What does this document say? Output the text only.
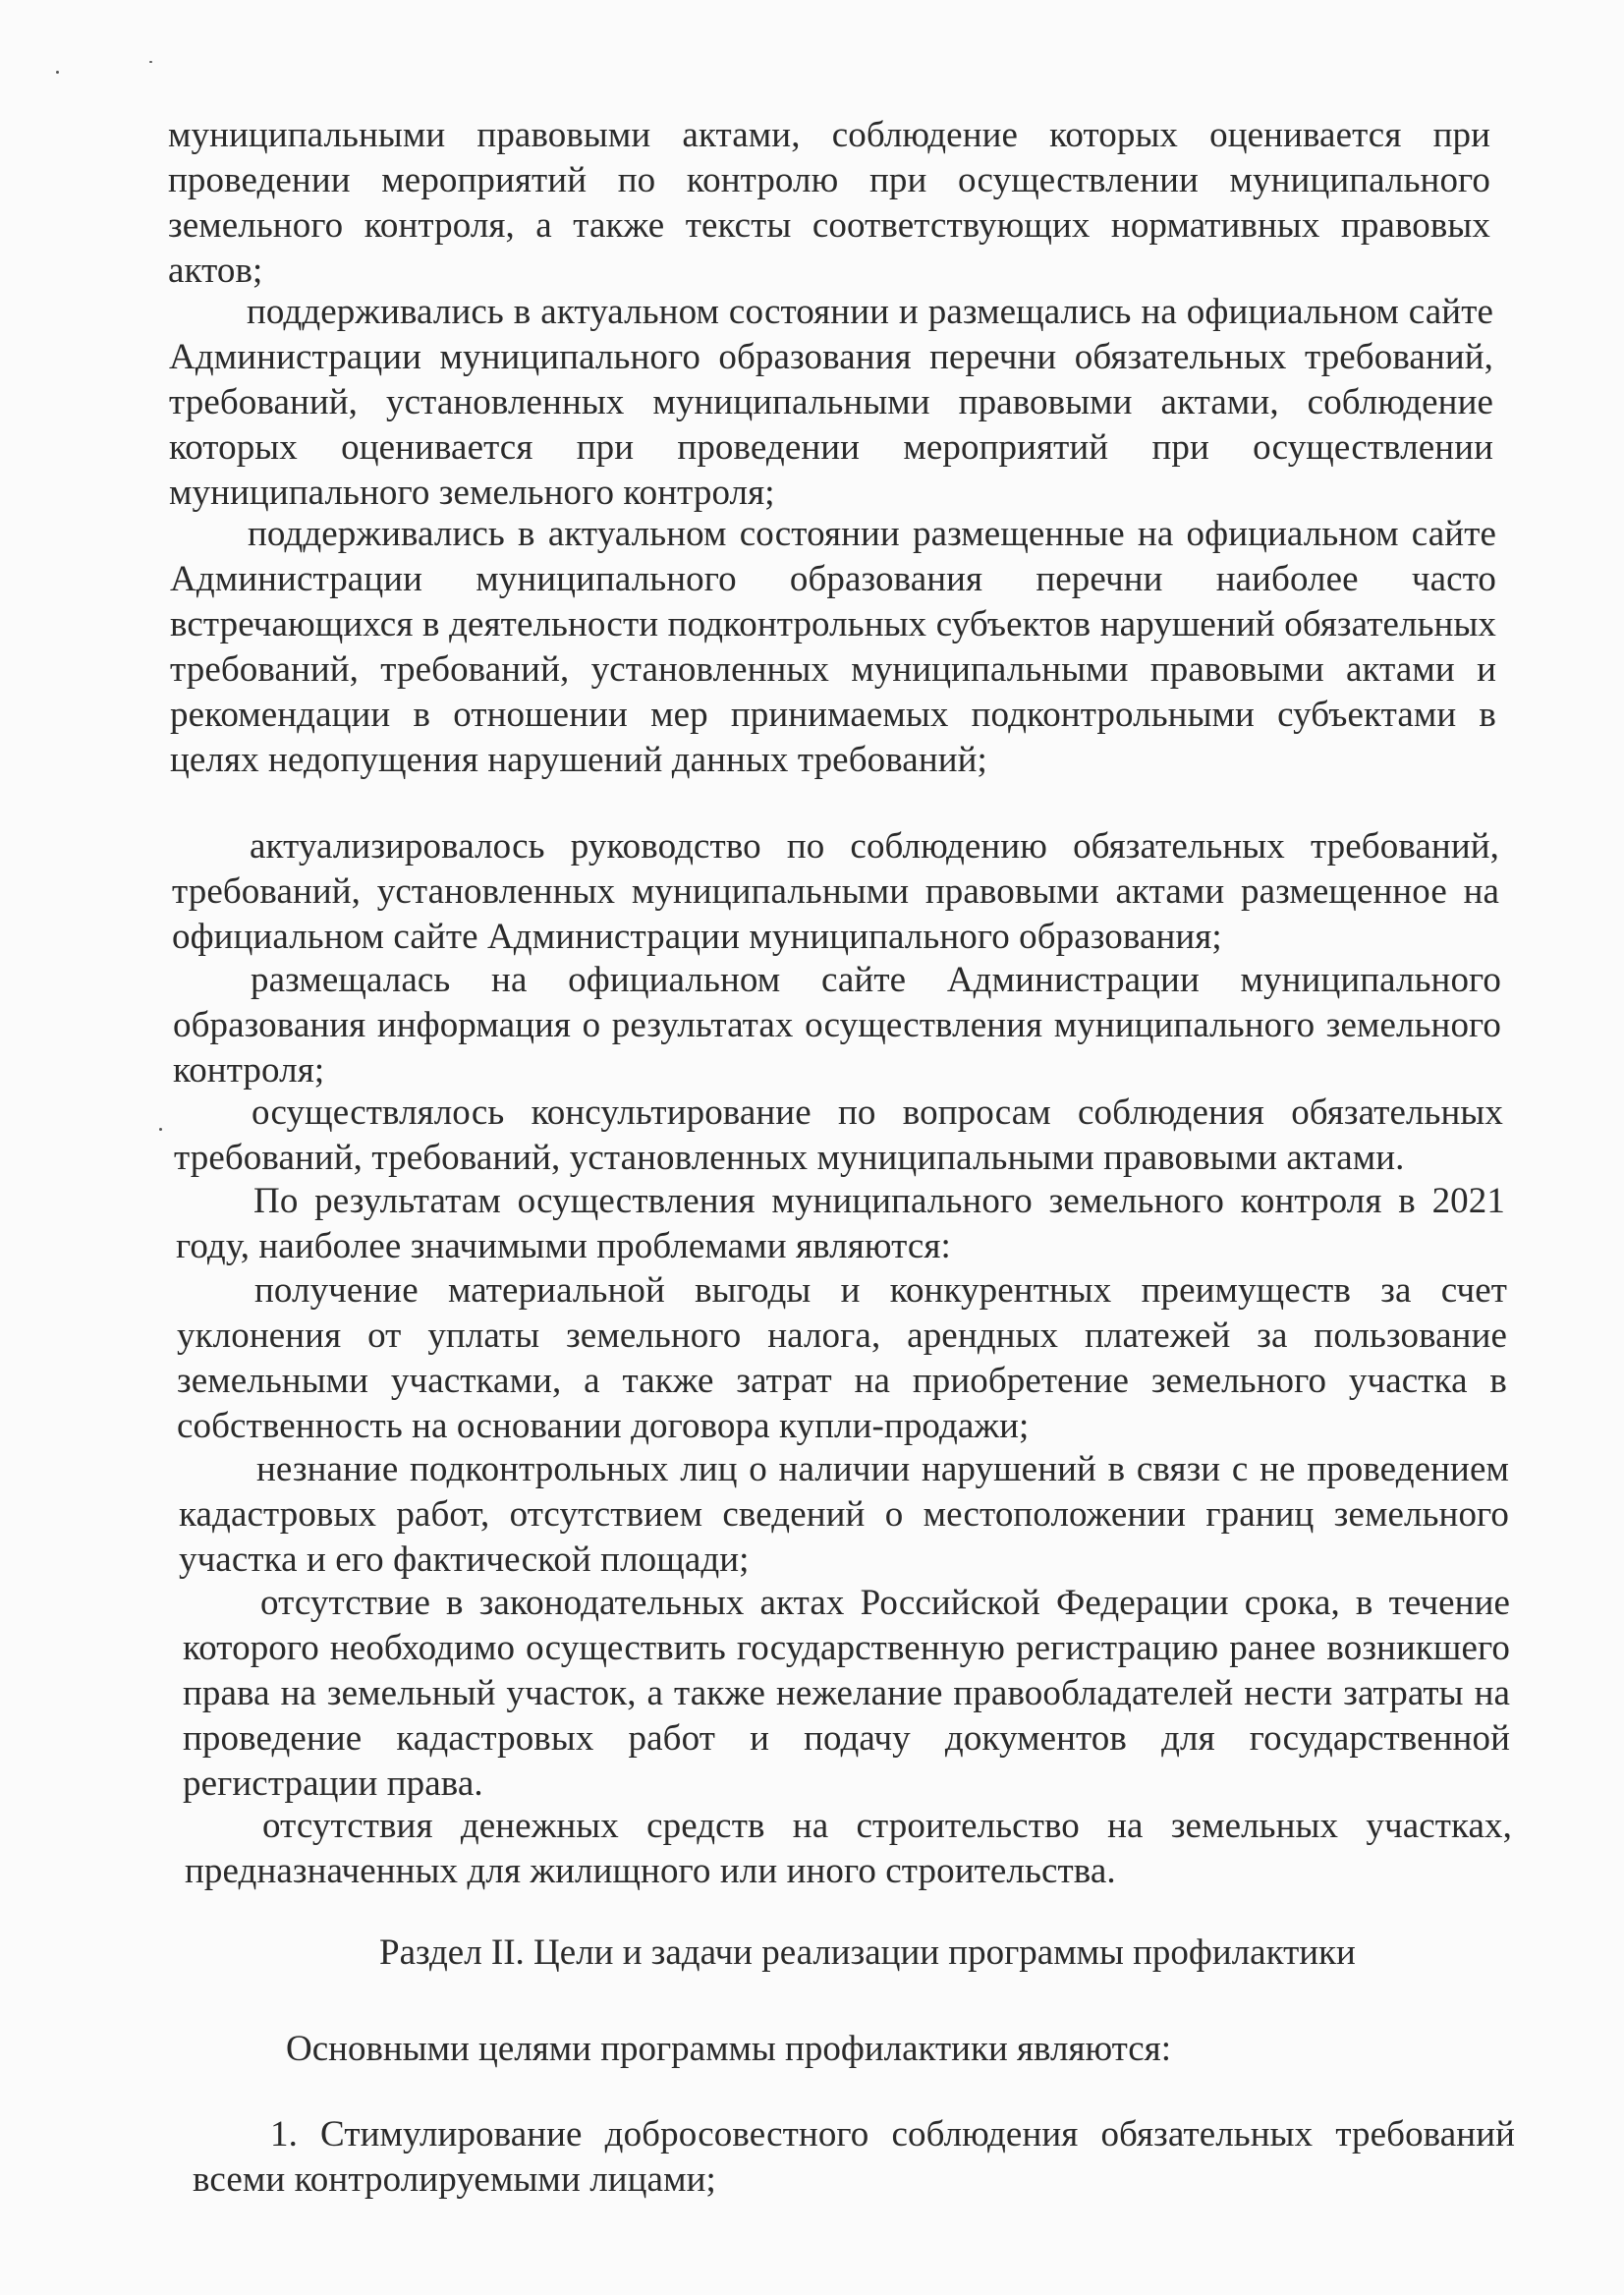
муниципальными правовыми актами, соблюдение которых оценивается при проведении мероприятий по контролю при осуществлении муниципального земельного контроля, а также тексты соответствующих нормативных правовых актов;

поддерживались в актуальном состоянии и размещались на официальном сайте Администрации муниципального образования перечни обязательных требований, требований, установленных муниципальными правовыми актами, соблюдение которых оценивается при проведении мероприятий при осуществлении муниципального земельного контроля;

поддерживались в актуальном состоянии размещенные на официальном сайте Администрации муниципального образования перечни наиболее часто встречающихся в деятельности подконтрольных субъектов нарушений обязательных требований, требований, установленных муниципальными правовыми актами и рекомендации в отношении мер принимаемых подконтрольными субъектами в целях недопущения нарушений данных требований;

актуализировалось руководство по соблюдению обязательных требований, требований, установленных муниципальными правовыми актами размещенное на официальном сайте Администрации муниципального образования;

размещалась на официальном сайте Администрации муниципального образования информация о результатах осуществления муниципального земельного контроля;

осуществлялось консультирование по вопросам соблюдения обязательных требований, требований, установленных муниципальными правовыми актами.

По результатам осуществления муниципального земельного контроля в 2021 году, наиболее значимыми проблемами являются:

получение материальной выгоды и конкурентных преимуществ за счет уклонения от уплаты земельного налога, арендных платежей за пользование земельными участками, а также затрат на приобретение земельного участка в собственность на основании договора купли-продажи;

незнание подконтрольных лиц о наличии нарушений в связи с не проведением кадастровых работ, отсутствием сведений о местоположении границ земельного участка и его фактической площади;

отсутствие в законодательных актах Российской Федерации срока, в течение которого необходимо осуществить государственную регистрацию ранее возникшего права на земельный участок, а также нежелание правообладателей нести затраты на проведение кадастровых работ и подачу документов для государственной регистрации права.

отсутствия денежных средств на строительство на земельных участках, предназначенных для жилищного или иного строительства.

Раздел II. Цели и задачи реализации программы профилактики

Основными целями программы профилактики являются:

1. Стимулирование добросовестного соблюдения обязательных требований всеми контролируемыми лицами;
